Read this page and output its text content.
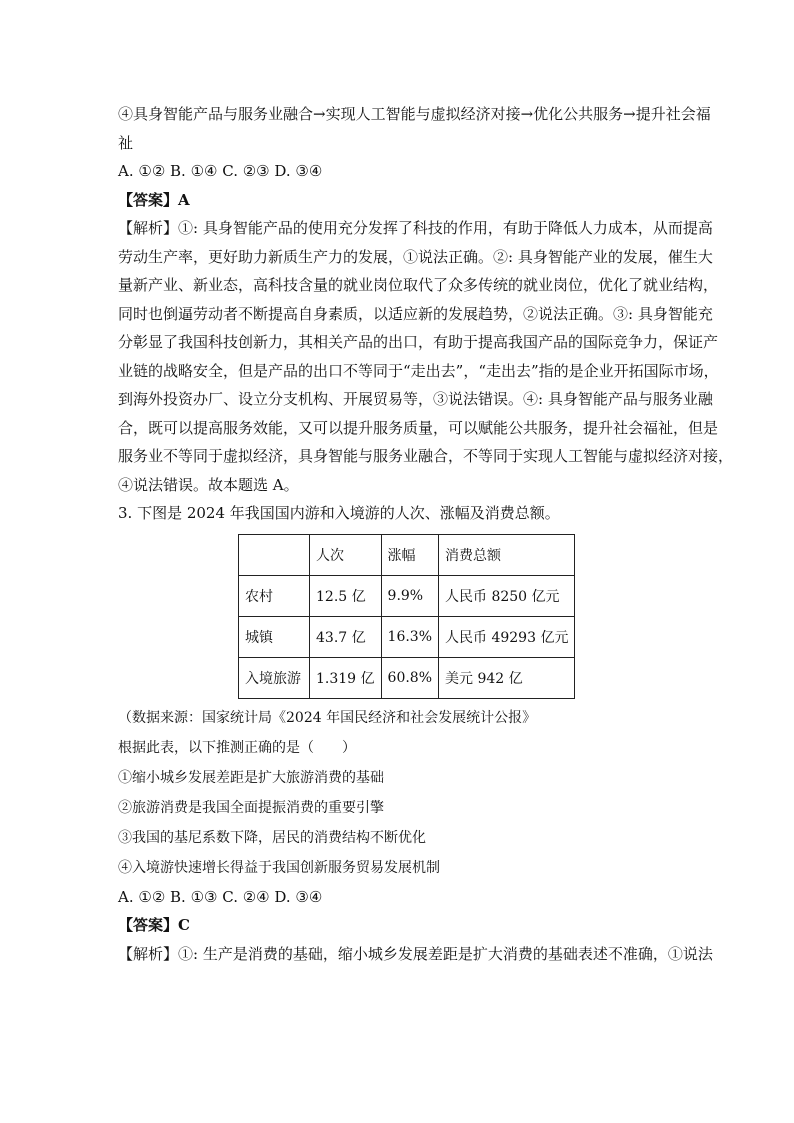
④具身智能产品与服务业融合→实现人工智能与虚拟经济对接→优化公共服务→提升社会福
祉
A. ①② B. ①④ C. ②③ D. ③④
【答案】A
【解析】①: 具身智能产品的使用充分发挥了科技的作用，有助于降低人力成本，从而提高
劳动生产率，更好助力新质生产力的发展，①说法正确。②: 具身智能产业的发展，催生大
量新产业、新业态，高科技含量的就业岗位取代了众多传统的就业岗位，优化了就业结构，
同时也倒逼劳动者不断提高自身素质，以适应新的发展趋势，②说法正确。③: 具身智能充
分彰显了我国科技创新力，其相关产品的出口，有助于提高我国产品的国际竞争力，保证产
业链的战略安全，但是产品的出口不等同于“走出去”，“走出去”指的是企业开拓国际市场，
到海外投资办厂、设立分支机构、开展贸易等，③说法错误。④: 具身智能产品与服务业融
合，既可以提高服务效能，又可以提升服务质量，可以赋能公共服务，提升社会福祉，但是
服务业不等同于虚拟经济，具身智能与服务业融合，不等同于实现人工智能与虚拟经济对接，
④说法错误。故本题选 A。
3. 下图是 2024 年我国国内游和入境游的人次、涨幅及消费总额。
	人次	涨幅	消费总额
农村	12.5 亿	9.9%	人民币 8250 亿元
城镇	43.7 亿	16.3%	人民币 49293 亿元
入境旅游	1.319 亿	60.8%	美元 942 亿
（数据来源：国家统计局《2024 年国民经济和社会发展统计公报》
根据此表，以下推测正确的是（　　）
①缩小城乡发展差距是扩大旅游消费的基础
②旅游消费是我国全面提振消费的重要引擎
③我国的基尼系数下降，居民的消费结构不断优化
④入境游快速增长得益于我国创新服务贸易发展机制
A. ①② B. ①③ C. ②④ D. ③④
【答案】C
【解析】①: 生产是消费的基础，缩小城乡发展差距是扩大消费的基础表述不准确，①说法
